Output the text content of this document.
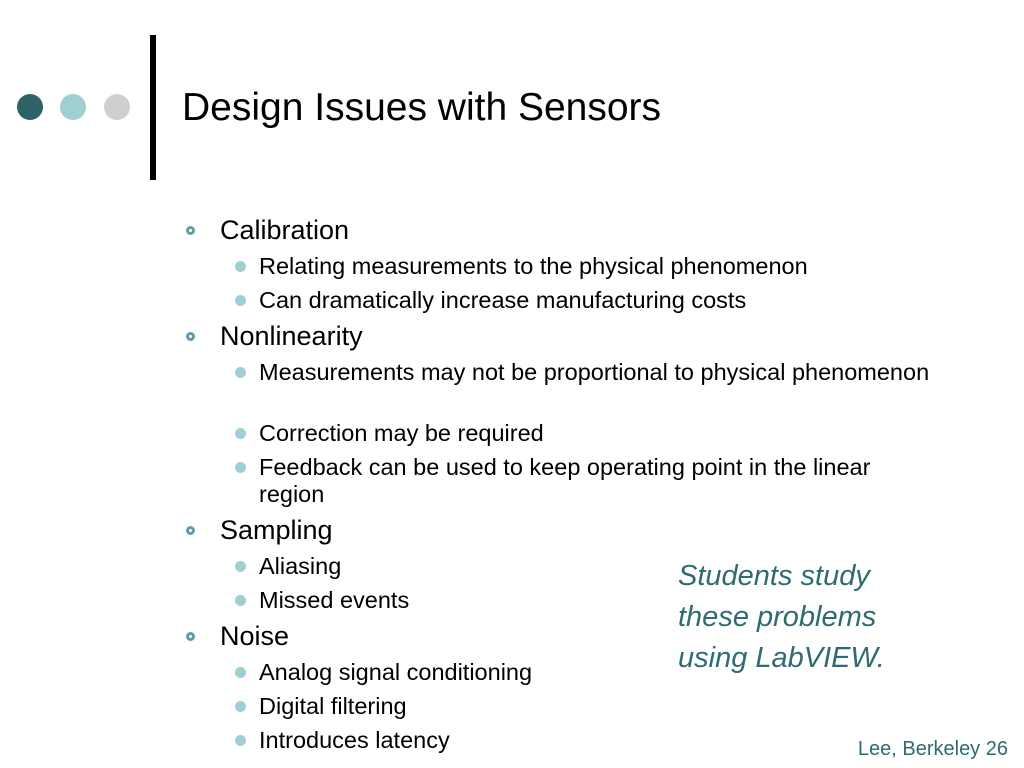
Design Issues with Sensors
Calibration
Relating measurements to the physical phenomenon
Can dramatically increase manufacturing costs
Nonlinearity
Measurements may not be proportional to physical phenomenon
Correction may be required
Feedback can be used to keep operating point in the linear region
Sampling
Aliasing
Missed events
Noise
Analog signal conditioning
Digital filtering
Introduces latency
Students study
these problems
using LabVIEW.
Lee, Berkeley 26
